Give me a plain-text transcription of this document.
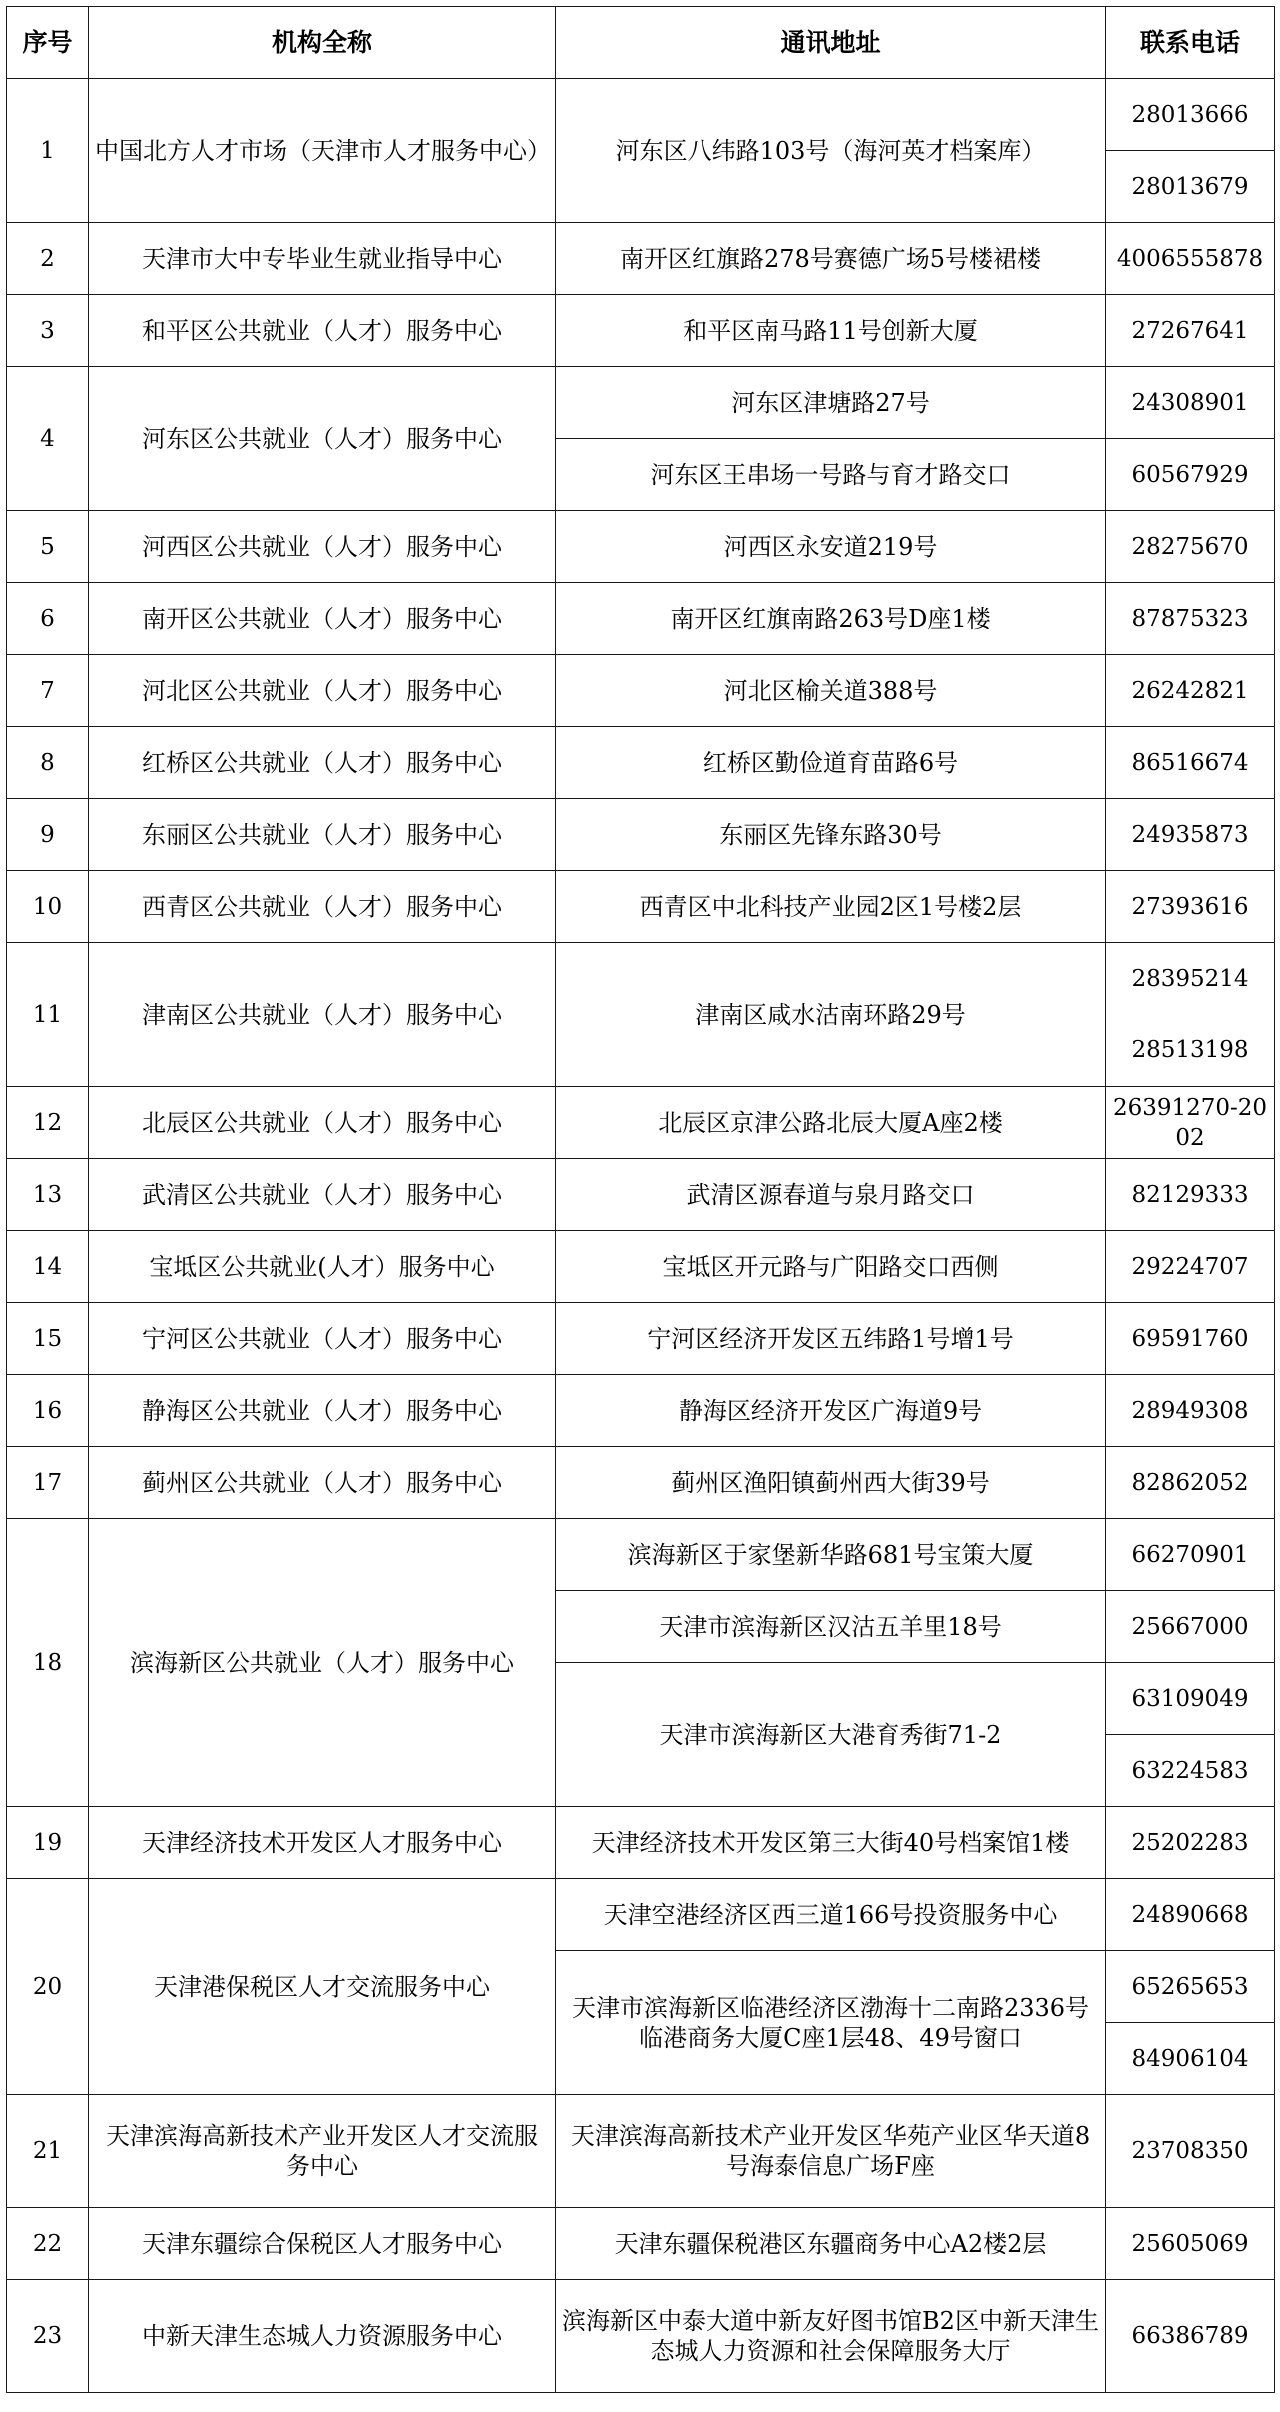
序号	机构全称	通讯地址	联系电话
1	中国北方人才市场（天津市人才服务中心）	河东区八纬路103号（海河英才档案库）	28013666
			28013679
2	天津市大中专毕业生就业指导中心	南开区红旗路278号赛德广场5号楼裙楼	4006555878
3	和平区公共就业（人才）服务中心	和平区南马路11号创新大厦	27267641
4	河东区公共就业（人才）服务中心	河东区津塘路27号	24308901
		河东区王串场一号路与育才路交口	60567929
5	河西区公共就业（人才）服务中心	河西区永安道219号	28275670
6	南开区公共就业（人才）服务中心	南开区红旗南路263号D座1楼	87875323
7	河北区公共就业（人才）服务中心	河北区榆关道388号	26242821
8	红桥区公共就业（人才）服务中心	红桥区勤俭道育苗路6号	86516674
9	东丽区公共就业（人才）服务中心	东丽区先锋东路30号	24935873
10	西青区公共就业（人才）服务中心	西青区中北科技产业园2区1号楼2层	27393616
11	津南区公共就业（人才）服务中心	津南区咸水沽南环路29号	28395214
			28513198
12	北辰区公共就业（人才）服务中心	北辰区京津公路北辰大厦A座2楼	26391270-2002
13	武清区公共就业（人才）服务中心	武清区源春道与泉月路交口	82129333
14	宝坻区公共就业(人才）服务中心	宝坻区开元路与广阳路交口西侧	29224707
15	宁河区公共就业（人才）服务中心	宁河区经济开发区五纬路1号增1号	69591760
16	静海区公共就业（人才）服务中心	静海区经济开发区广海道9号	28949308
17	蓟州区公共就业（人才）服务中心	蓟州区渔阳镇蓟州西大街39号	82862052
18	滨海新区公共就业（人才）服务中心	滨海新区于家堡新华路681号宝策大厦	66270901
		天津市滨海新区汉沽五羊里18号	25667000
		天津市滨海新区大港育秀街71-2	63109049
			63224583
19	天津经济技术开发区人才服务中心	天津经济技术开发区第三大街40号档案馆1楼	25202283
20	天津港保税区人才交流服务中心	天津空港经济区西三道166号投资服务中心	24890668
		天津市滨海新区临港经济区渤海十二南路2336号临港商务大厦C座1层48、49号窗口	65265653
			84906104
21	天津滨海高新技术产业开发区人才交流服务中心	天津滨海高新技术产业开发区华苑产业区华天道8号海泰信息广场F座	23708350
22	天津东疆综合保税区人才服务中心	天津东疆保税港区东疆商务中心A2楼2层	25605069
23	中新天津生态城人力资源服务中心	滨海新区中泰大道中新友好图书馆B2区中新天津生态城人力资源和社会保障服务大厅	66386789
